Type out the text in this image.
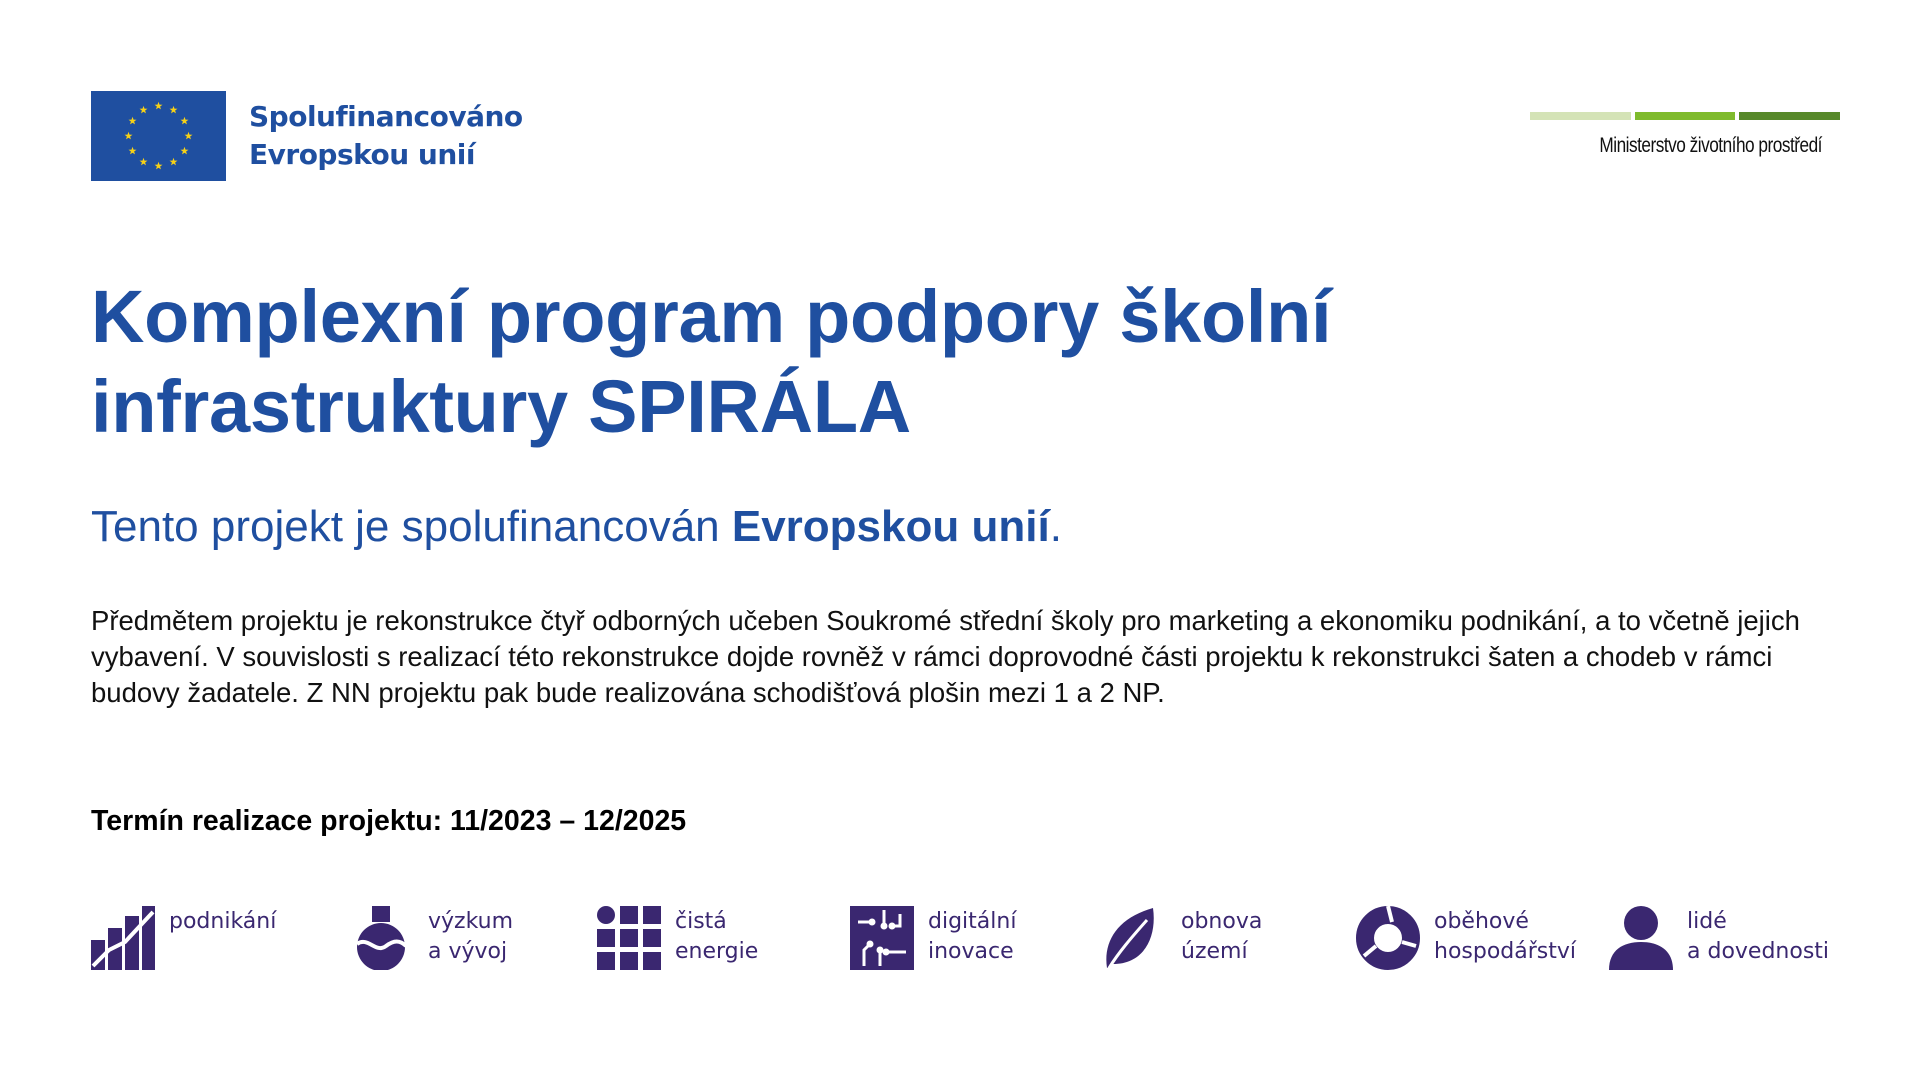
Spolufinancováno
Evropskou unií	Ministerstvo životního prostředí
Komplexní program podpory školní
infrastruktury SPIRÁLA
Tento projekt je spolufinancován Evropskou unií.

Předmětem projektu je rekonstrukce čtyř odborných učeben Soukromé střední školy pro marketing a ekonomiku podnikání, a to včetně jejich vybavení. V souvislosti s realizací této rekonstrukce dojde rovněž v rámci doprovodné části projektu k rekonstrukci šaten a chodeb v rámci budovy žadatele. Z NN projektu pak bude realizována schodišťová plošin mezi 1 a 2 NP.

Termín realizace projektu: 11/2023 – 12/2025
podnikání	výzkum
a vývoj
čistá
energie
digitální
inovace
obnova
území
oběhové
hospodářství
lidé
a dovednosti
